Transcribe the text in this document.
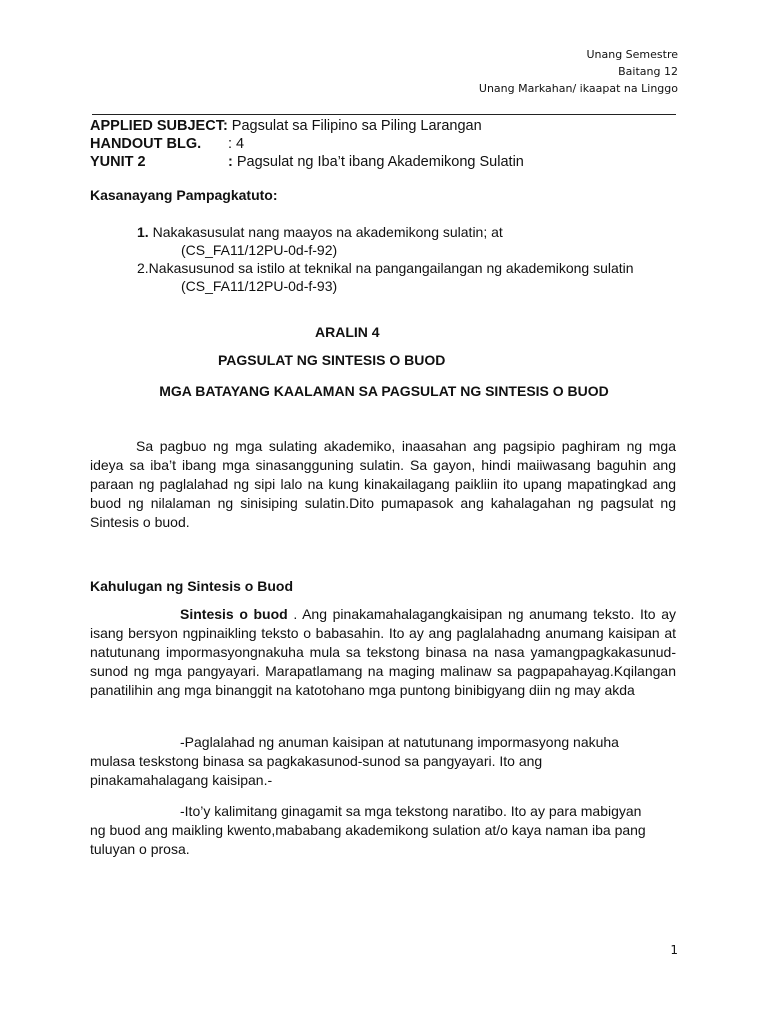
Unang Semestre
Baitang 12
Unang Markahan/ ikaapat na Linggo
APPLIED SUBJECT: Pagsulat sa Filipino sa Piling Larangan
HANDOUT BLG. : 4
YUNIT 2	: Pagsulat ng Iba’t ibang Akademikong Sulatin
Kasanayang Pampagkatuto:
1. Nakakasusulat nang maayos na akademikong sulatin; at
(CS_FA11/12PU-0d-f-92)
2.Nakasusunod sa istilo at teknikal na pangangailangan ng akademikong sulatin
(CS_FA11/12PU-0d-f-93)
ARALIN 4
PAGSULAT NG SINTESIS O BUOD
MGA BATAYANG KAALAMAN SA PAGSULAT NG SINTESIS O BUOD
Sa pagbuo ng mga sulating akademiko, inaasahan ang pagsipio paghiram ng mga ideya sa iba’t ibang mga sinasangguning sulatin. Sa gayon, hindi maiiwasang baguhin ang paraan ng paglalahad ng sipi lalo na kung kinakailagang paikliin ito upang mapatingkad ang buod ng nilalaman ng sinisiping sulatin.Dito pumapasok ang kahalagahan ng pagsulat ng Sintesis o buod.
Kahulugan ng Sintesis o Buod
Sintesis o buod . Ang pinakamahalagangkaisipan ng anumang teksto. Ito ay isang bersyon ngpinaikling teksto o babasahin. Ito ay ang paglalahadng anumang kaisipan at natutunang impormasyongnakuha mula sa tekstong binasa na nasa yamangpagkakasunud-sunod ng mga pangyayari. Marapatlamang na maging malinaw sa pagpapahayag.Kqilangan panatilihin ang mga binanggit na katotohano mga puntong binibigyang diin ng may akda
-Paglalahad ng anuman kaisipan at natutunang impormasyong nakuha mulasa teskstong binasa sa pagkakasunod-sunod sa pangyayari. Ito ang pinakamahalagang kaisipan.-
-Ito’y kalimitang ginagamit sa mga tekstong naratibo. Ito ay para mabigyan ng buod ang maikling kwento,mababang akademikong sulation at/o kaya naman iba pang tuluyan o prosa.
1
